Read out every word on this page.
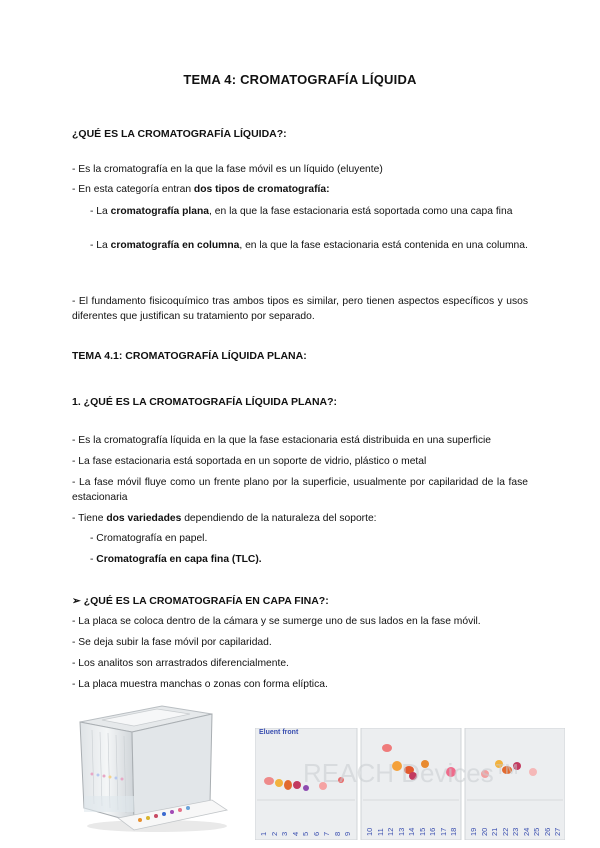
TEMA 4: CROMATOGRAFÍA LÍQUIDA
¿QUÉ ES LA CROMATOGRAFÍA LÍQUIDA?:
- Es la cromatografía en la que la fase móvil es un líquido (eluyente)
- En esta categoría entran dos tipos de cromatografía:
- La cromatografía plana, en la que la fase estacionaria está soportada como una capa fina
- La cromatografía en columna, en la que la fase estacionaria está contenida en una columna.
- El fundamento fisicoquímico tras ambos tipos es similar, pero tienen aspectos específicos y usos diferentes que justifican su tratamiento por separado.
TEMA 4.1: CROMATOGRAFÍA LÍQUIDA PLANA:
1. ¿QUÉ ES LA CROMATOGRAFÍA LÍQUIDA PLANA?:
- Es la cromatografía líquida en la que la fase estacionaria está distribuida en una superficie
- La fase estacionaria está soportada en un soporte de vidrio, plástico o metal
- La fase móvil fluye como un frente plano por la superficie, usualmente por capilaridad de la fase estacionaria
- Tiene dos variedades dependiendo de la naturaleza del soporte:
- Cromatografía en papel.
- Cromatografía en capa fina (TLC).
➢ ¿QUÉ ES LA CROMATOGRAFÍA EN CAPA FINA?:
- La placa se coloca dentro de la cámara y se sumerge uno de sus lados en la fase móvil.
- Se deja subir la fase móvil por capilaridad.
- Los analitos son arrastrados diferencialmente.
- La placa muestra manchas o zonas con forma elíptica.
Eluent front
REACH Devices™
1 2 3 4 5 6 7 8 9 10 11 12 13 14 15 16 17 18 19 20 21 22 23 24 25 26 27
